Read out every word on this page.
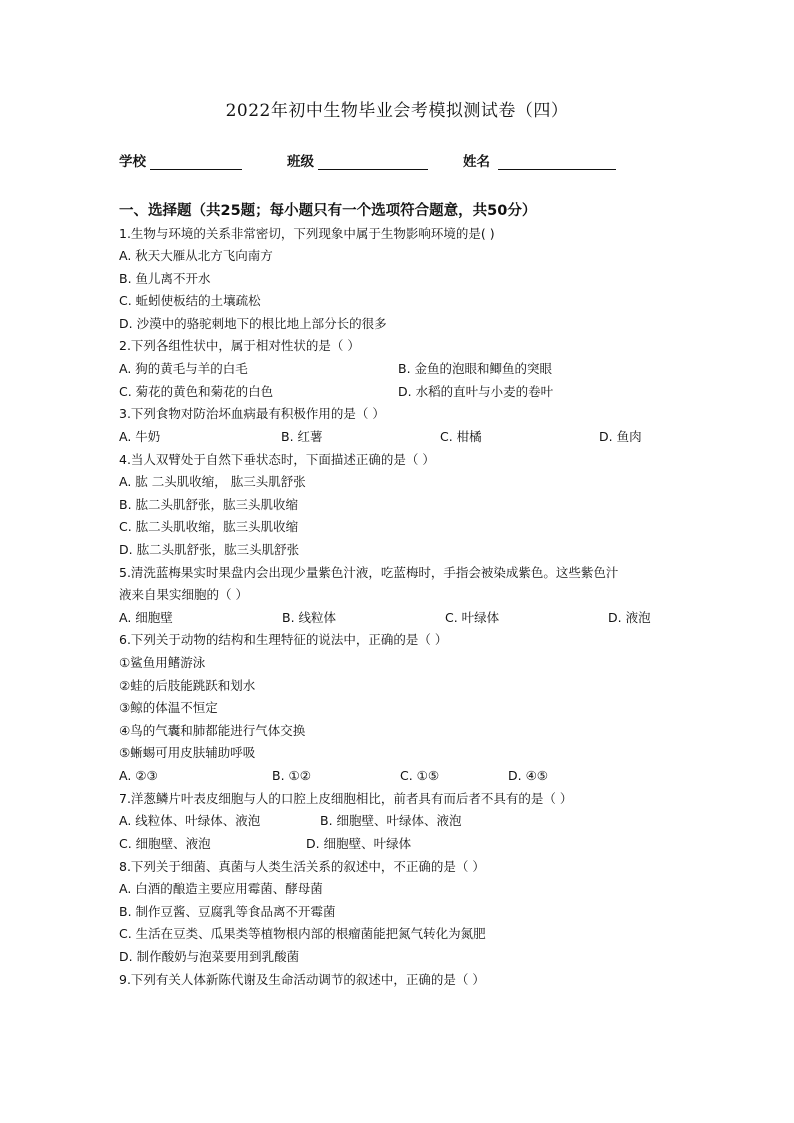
2022年初中生物毕业会考模拟测试卷（四）
学校	班级	姓名
一、选择题（共25题；每小题只有一个选项符合题意，共50分）
1.生物与环境的关系非常密切，下列现象中属于生物影响环境的是( )
A. 秋天大雁从北方飞向南方
B. 鱼儿离不开水
C. 蚯蚓使板结的土壤疏松
D. 沙漠中的骆驼刺地下的根比地上部分长的很多
2.下列各组性状中，属于相对性状的是（ ）
A. 狗的黄毛与羊的白毛	B. 金鱼的泡眼和鲫鱼的突眼
C. 菊花的黄色和菊花的白色	D. 水稻的直叶与小麦的卷叶
3.下列食物对防治坏血病最有积极作用的是（ ）
A. 牛奶	B. 红薯	C. 柑橘	D. 鱼肉
4.当人双臂处于自然下垂状态时，下面描述正确的是（ ）
A. 肱 二头肌收缩， 肱三头肌舒张
B. 肱二头肌舒张，肱三头肌收缩
C. 肱二头肌收缩，肱三头肌收缩
D. 肱二头肌舒张，肱三头肌舒张
5.清洗蓝梅果实时果盘内会出现少量紫色汁液，吃蓝梅时，手指会被染成紫色。这些紫色汁
液来自果实细胞的（ ）
A. 细胞壁	B. 线粒体	C. 叶绿体	D. 液泡
6.下列关于动物的结构和生理特征的说法中，正确的是（ ）
①鲨鱼用鳍游泳
②蛙的后肢能跳跃和划水
③鲸的体温不恒定
④鸟的气囊和肺都能进行气体交换
⑤蜥蜴可用皮肤辅助呼吸
A. ②③	B. ①②	C. ①⑤	D. ④⑤
7.洋葱鳞片叶表皮细胞与人的口腔上皮细胞相比，前者具有而后者不具有的是（ ）
A. 线粒体、叶绿体、液泡	B. 细胞壁、叶绿体、液泡
C. 细胞壁、液泡	D. 细胞壁、叶绿体
8.下列关于细菌、真菌与人类生活关系的叙述中，不正确的是（ ）
A. 白酒的酿造主要应用霉菌、酵母菌
B. 制作豆酱、豆腐乳等食品离不开霉菌
C. 生活在豆类、瓜果类等植物根内部的根瘤菌能把氮气转化为氮肥
D. 制作酸奶与泡菜要用到乳酸菌
9.下列有关人体新陈代谢及生命活动调节的叙述中，正确的是（ ）
